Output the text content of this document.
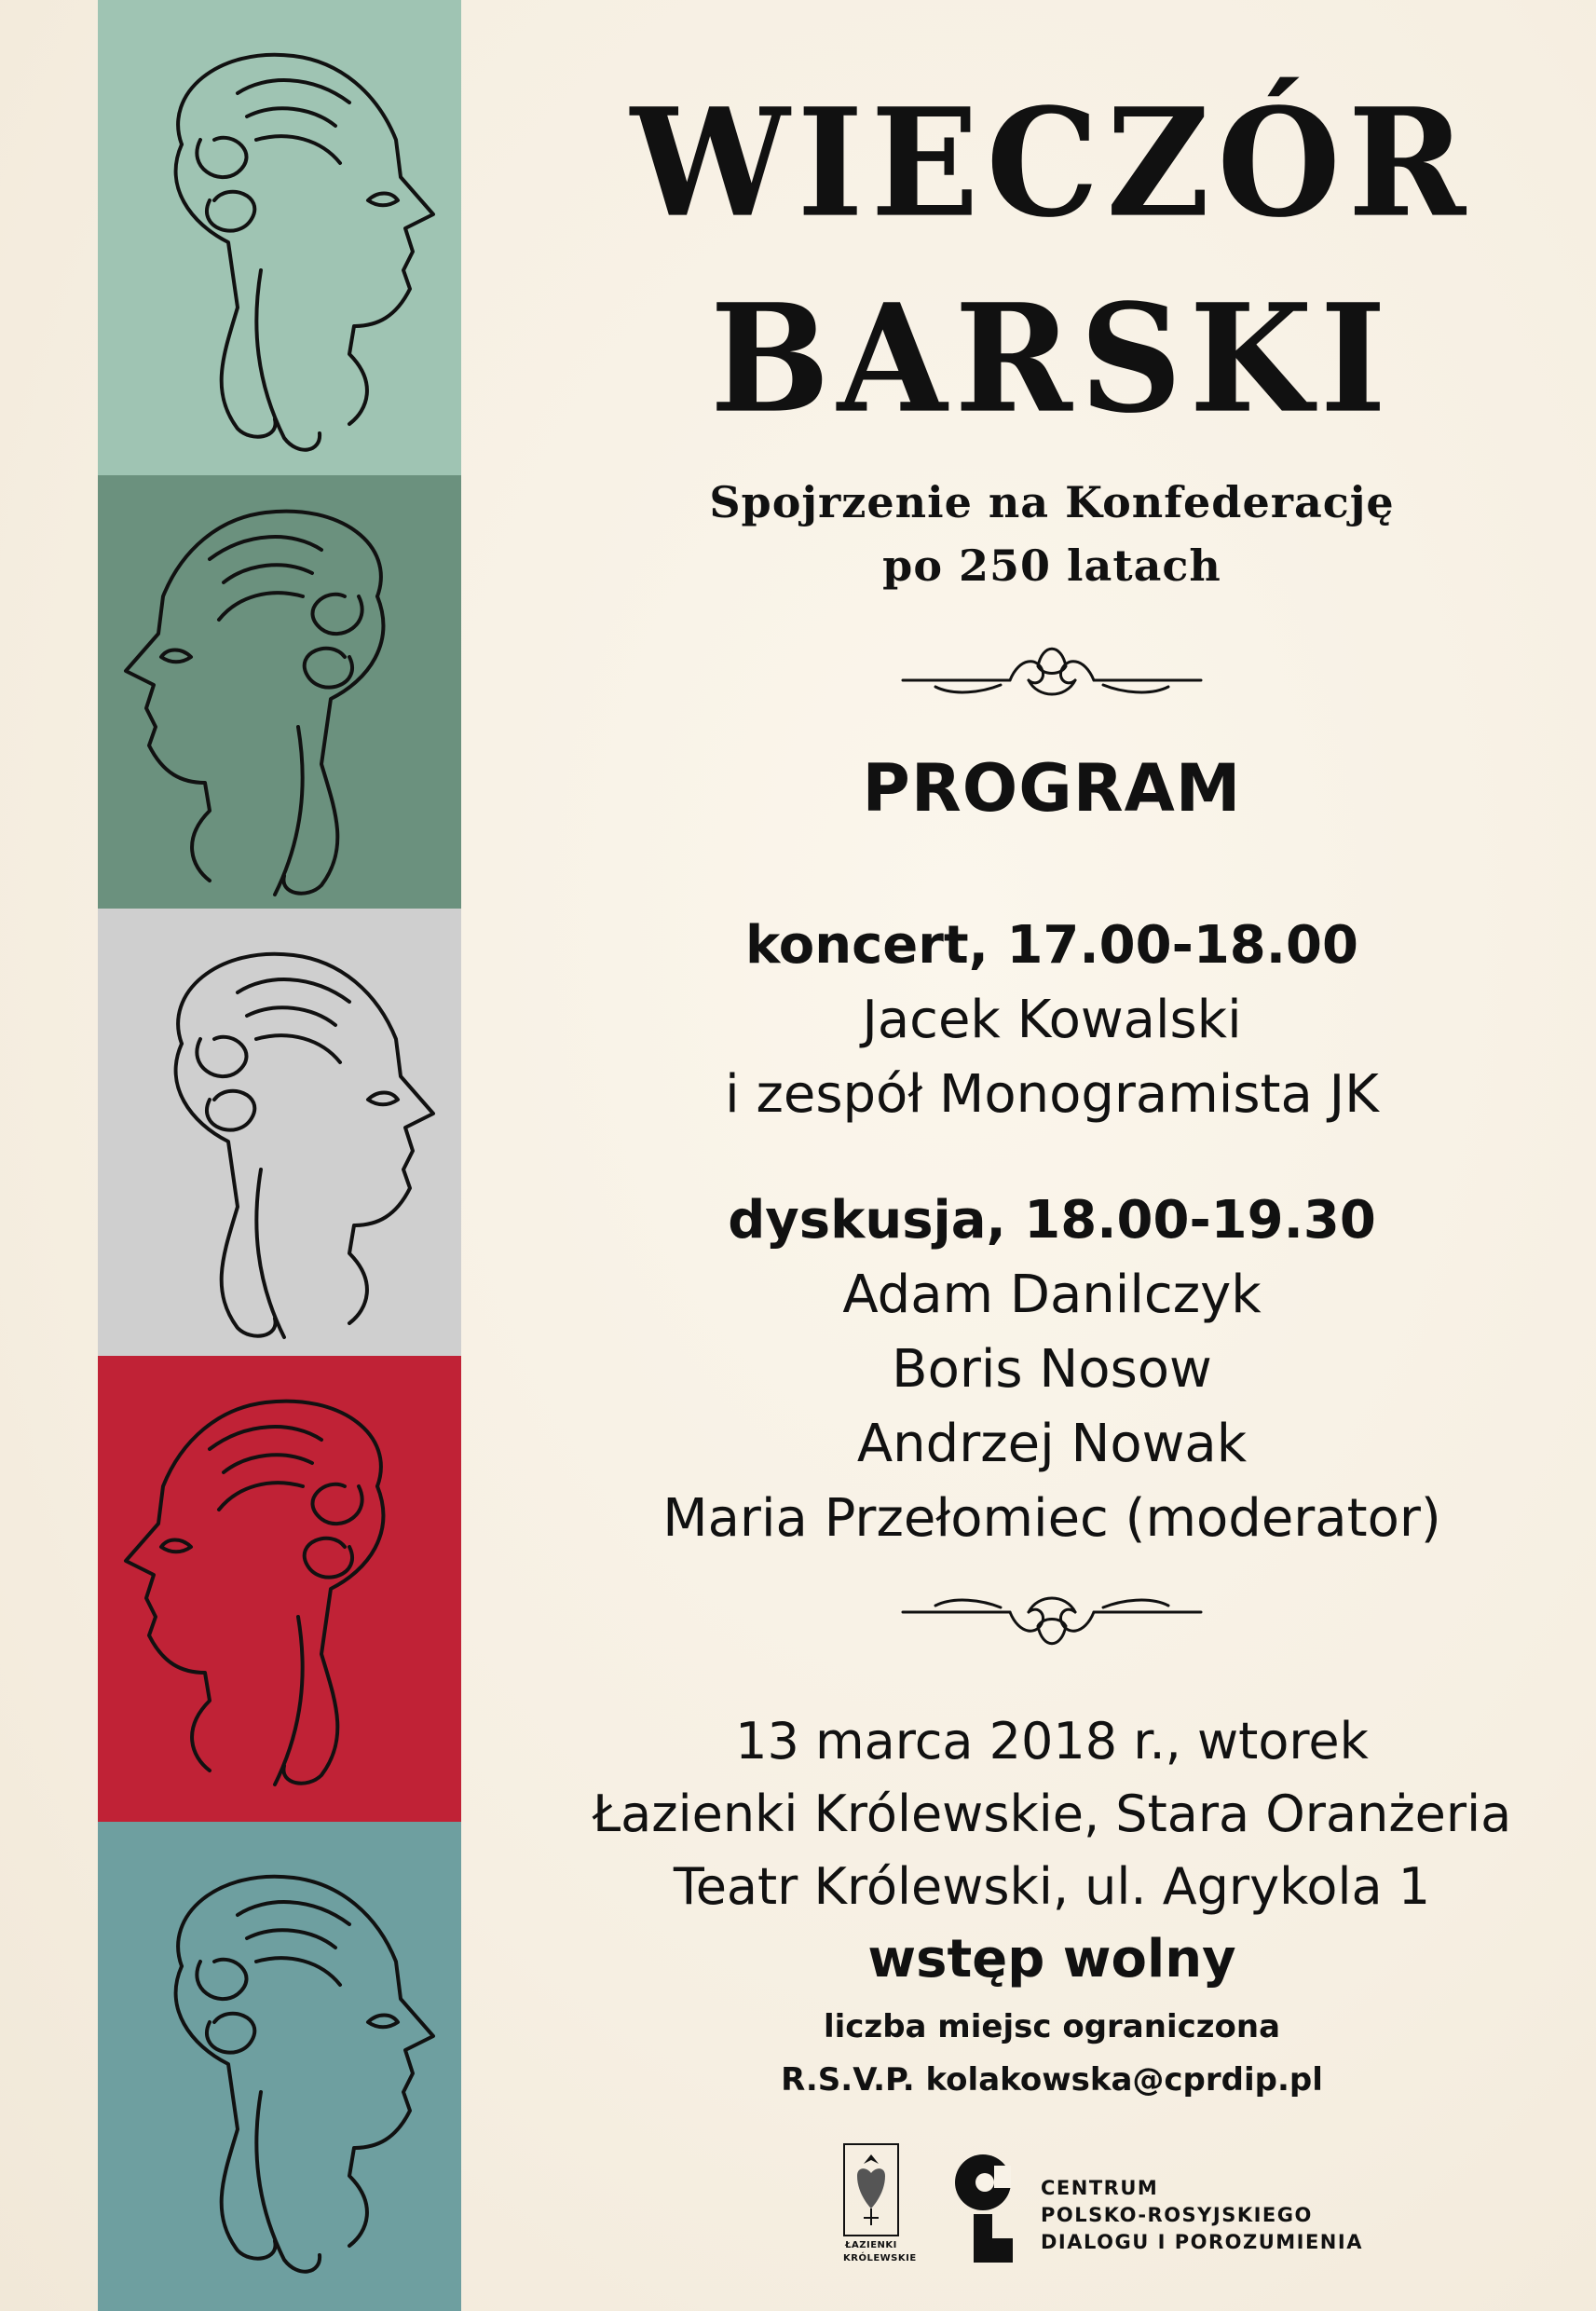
WIECZÓR
BARSKI
Spojrzenie na Konfederację
po 250 latach
PROGRAM
koncert, 17.00-18.00
Jacek Kowalski
i zespół Monogramista JK
dyskusja, 18.00-19.30
Adam Danilczyk
Boris Nosow
Andrzej Nowak
Maria Przełomiec (moderator)
13 marca 2018 r., wtorek
Łazienki Królewskie, Stara Oranżeria
Teatr Królewski, ul. Agrykola 1
wstęp wolny
liczba miejsc ograniczona
R.S.V.P. kolakowska@cprdip.pl
ŁAZIENKI
KRÓLEWSKIE
CENTRUM
POLSKO-ROSYJSKIEGO
DIALOGU I POROZUMIENIA
